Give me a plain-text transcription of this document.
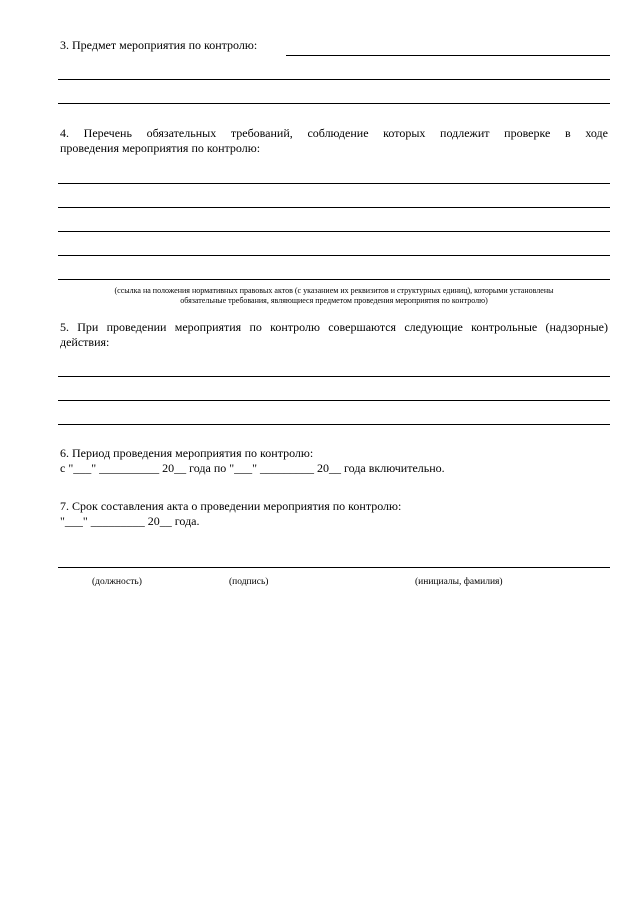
3. Предмет мероприятия по контролю:
4. Перечень обязательных требований, соблюдение которых подлежит проверке в ходе
проведения мероприятия по контролю:
(ссылка на положения нормативных правовых актов (с указанием их реквизитов и структурных единиц), которыми установлены
обязательные требования, являющиеся предметом проведения мероприятия по контролю)
5. При проведении мероприятия по контролю совершаются следующие контрольные (надзорные)
действия:
6. Период проведения мероприятия по контролю:
с "___" __________ 20__ года по "___" _________ 20__ года включительно.
7. Срок составления акта о проведении мероприятия по контролю:
"___" _________ 20__ года.
(должность)	(подпись)	(инициалы, фамилия)
